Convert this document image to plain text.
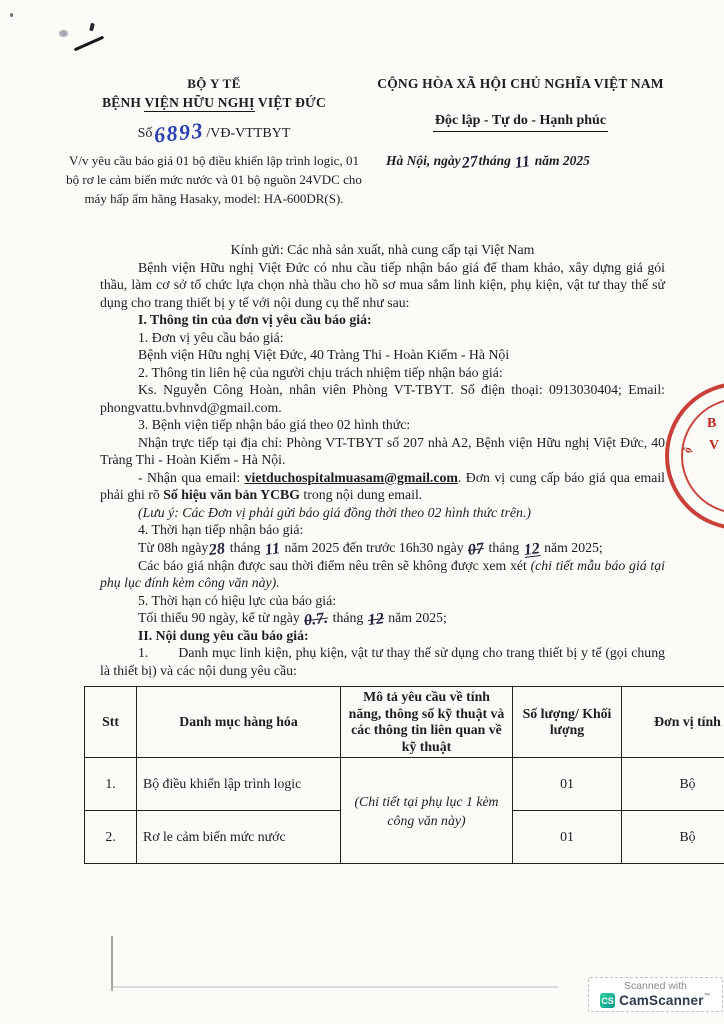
BỘ Y TẾ
BỆNH VIỆN HỮU NGHỊ VIỆT ĐỨC
Số6893/VĐ-VTTBYT
V/v yêu cầu báo giá 01 bộ điều khiển lập trình logic, 01 bộ rơ le cảm biến mức nước và 01 bộ nguồn 24VDC cho máy hấp ẩm hãng Hasaky, model: HA-600DR(S).
CỘNG HÒA XÃ HỘI CHỦ NGHĨA VIỆT NAM

Độc lập - Tự do - Hạnh phúc
Hà Nội, ngày27tháng 11 năm 2025

Kính gửi: Các nhà sản xuất, nhà cung cấp tại Việt Nam

Bệnh viện Hữu nghị Việt Đức có nhu cầu tiếp nhận báo giá để tham khảo, xây dựng giá gói thầu, làm cơ sở tổ chức lựa chọn nhà thầu cho hồ sơ mua sắm linh kiện, phụ kiện, vật tư thay thế sử dụng cho trang thiết bị y tế với nội dung cụ thể như sau:

I. Thông tin của đơn vị yêu cầu báo giá:

1. Đơn vị yêu cầu báo giá:

Bệnh viện Hữu nghị Việt Đức, 40 Tràng Thi - Hoàn Kiếm - Hà Nội

2. Thông tin liên hệ của người chịu trách nhiệm tiếp nhận báo giá:

Ks. Nguyễn Công Hoàn, nhân viên Phòng VT-TBYT. Số điện thoại: 0913030404; Email: phongvattu.bvhnvd@gmail.com.

3. Bệnh viện tiếp nhận báo giá theo 02 hình thức:

Nhận trực tiếp tại địa chỉ: Phòng VT-TBYT số 207 nhà A2, Bệnh viện Hữu nghị Việt Đức, 40 Tràng Thi - Hoàn Kiếm - Hà Nội.

- Nhận qua email: vietduchospitalmuasam@gmail.com. Đơn vị cung cấp báo giá qua email phải ghi rõ Số hiệu văn bản YCBG trong nội dung email.

(Lưu ý: Các Đơn vị phải gửi báo giá đồng thời theo 02 hình thức trên.)

4. Thời hạn tiếp nhận báo giá:

Từ 08h ngày28 tháng 11 năm 2025 đến trước 16h30 ngày 07 tháng 12 năm 2025;

Các báo giá nhận được sau thời điểm nêu trên sẽ không được xem xét (chi tiết mẫu báo giá tại phụ lục đính kèm công văn này).

5. Thời hạn có hiệu lực của báo giá:

Tối thiểu 90 ngày, kể từ ngày 0.7. tháng 12 năm 2025;

II. Nội dung yêu cầu báo giá:

1. Danh mục linh kiện, phụ kiện, vật tư thay thế sử dụng cho trang thiết bị y tế (gọi chung là thiết bị) và các nội dung yêu cầu:

Stt	Danh mục hàng hóa	Mô tả yêu cầu về tính năng, thông số kỹ thuật và các thông tin liên quan về kỹ thuật	Số lượng/ Khối lượng	Đơn vị tính
1.	Bộ điều khiển lập trình logic	(Chi tiết tại phụ lục 1 kèm công văn này)	01	Bộ
2.	Rơ le cảm biến mức nước		01	Bộ
B
V
ộ
Scanned with
CS CamScanner™
